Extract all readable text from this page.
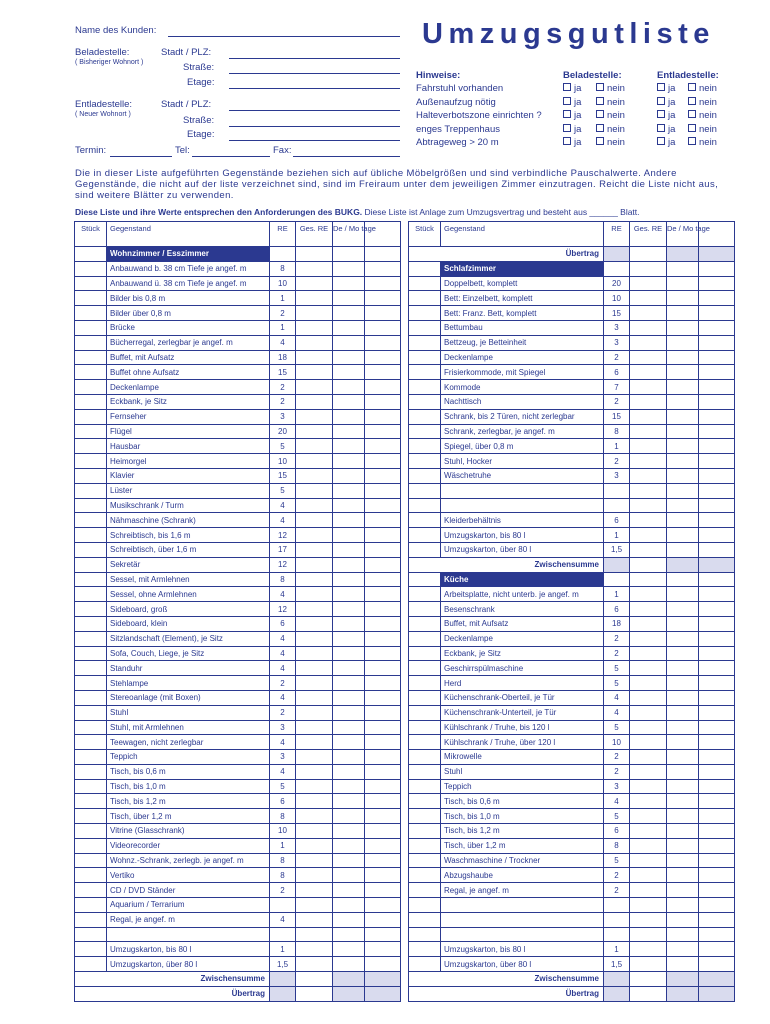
Name des Kunden:
Beladestelle:
( Bisheriger Wohnort )
Stadt / PLZ:
Straße:
Etage:
Entladestelle:
( Neuer Wohnort )
Stadt / PLZ:
Straße:
Etage:
Termin:	Tel:	Fax:
Umzugsgutliste
Hinweise:	Beladestelle:	Entladestelle:
Fahrstuhl vorhanden	ja	nein	ja	nein
Außenaufzug nötig	ja	nein	ja	nein
Halteverbotszone einrichten ?	ja	nein	ja	nein
enges Treppenhaus	ja	nein	ja	nein
Abtrageweg > 20 m	ja	nein	ja	nein
Die in dieser Liste aufgeführten Gegenstände beziehen sich auf übliche Möbelgrößen und sind verbindliche Pauschalwerte. Andere Gegenstände, die nicht auf der liste verzeichnet sind, sind im Freiraum unter dem jeweiligen Zimmer einzutragen. Reicht die Liste nicht aus, sind weitere Blätter zu verwenden.
Diese Liste und ihre Werte entsprechen den Anforderungen des BUKG. Diese Liste ist Anlage zum Umzugsvertrag und besteht aus ______ Blatt.
Stück	Gegenstand	RE	Ges. RE	De / Mo tage	
	Wohnzimmer / Esszimmer				
	Anbauwand b. 38 cm Tiefe je angef. m	8			
	Anbauwand ü. 38 cm Tiefe je angef. m	10			
	Bilder bis 0,8 m	1			
	Bilder über 0,8 m	2			
	Brücke	1			
	Bücherregal, zerlegbar je angef. m	4			
	Buffet, mit Aufsatz	18			
	Buffet ohne Aufsatz	15			
	Deckenlampe	2			
	Eckbank, je Sitz	2			
	Fernseher	3			
	Flügel	20			
	Hausbar	5			
	Heimorgel	10			
	Klavier	15			
	Lüster	5			
	Musikschrank / Turm	4			
	Nähmaschine (Schrank)	4			
	Schreibtisch, bis 1,6 m	12			
	Schreibtisch, über 1,6 m	17			
	Sekretär	12			
	Sessel, mit Armlehnen	8			
	Sessel, ohne Armlehnen	4			
	Sideboard, groß	12			
	Sideboard, klein	6			
	Sitzlandschaft (Element), je Sitz	4			
	Sofa, Couch, Liege, je Sitz	4			
	Standuhr	4			
	Stehlampe	2			
	Stereoanlage (mit Boxen)	4			
	Stuhl	2			
	Stuhl, mit Armlehnen	3			
	Teewagen, nicht zerlegbar	4			
	Teppich	3			
	Tisch, bis 0,6 m	4			
	Tisch, bis 1,0 m	5			
	Tisch, bis 1,2 m	6			
	Tisch, über 1,2 m	8			
	Vitrine (Glasschrank)	10			
	Videorecorder	1			
	Wohnz.-Schrank, zerlegb. je angef. m	8			
	Vertiko	8			
	CD / DVD Ständer	2			
	Aquarium / Terrarium				
	Regal, je angef. m	4			

	Umzugskarton, bis 80 l	1			
	Umzugskarton, über 80 l	1,5			
Zwischensumme					
Übertrag					
Stück	Gegenstand	RE	Ges. RE	De / Mo tage	
Übertrag					
	Schlafzimmer				
	Doppelbett, komplett	20			
	Bett: Einzelbett, komplett	10			
	Bett: Franz. Bett, komplett	15			
	Bettumbau	3			
	Bettzeug, je Betteinheit	3			
	Deckenlampe	2			
	Frisierkommode, mit Spiegel	6			
	Kommode	7			
	Nachttisch	2			
	Schrank, bis 2 Türen, nicht zerlegbar	15			
	Schrank, zerlegbar, je angef. m	8			
	Spiegel, über 0,8 m	1			
	Stuhl, Hocker	2			
	Wäschetruhe	3			

	Kleiderbehältnis	6			
	Umzugskarton, bis 80 l	1			
	Umzugskarton, über 80 l	1,5			
Zwischensumme					
	Küche				
	Arbeitsplatte, nicht unterb. je angef. m	1			
	Besenschrank	6			
	Buffet, mit Aufsatz	18			
	Deckenlampe	2			
	Eckbank, je Sitz	2			
	Geschirrspülmaschine	5			
	Herd	5			
	Küchenschrank-Oberteil, je Tür	4			
	Küchenschrank-Unterteil, je Tür	4			
	Kühlschrank / Truhe, bis 120 l	5			
	Kühlschrank / Truhe, über 120 l	10			
	Mikrowelle	2			
	Stuhl	2			
	Teppich	3			
	Tisch, bis 0,6 m	4			
	Tisch, bis 1,0 m	5			
	Tisch, bis 1,2 m	6			
	Tisch, über 1,2 m	8			
	Waschmaschine / Trockner	5			
	Abzugshaube	2			
	Regal, je angef. m	2			

	Umzugskarton, bis 80 l	1			
	Umzugskarton, über 80 l	1,5			
Zwischensumme					
Übertrag					
